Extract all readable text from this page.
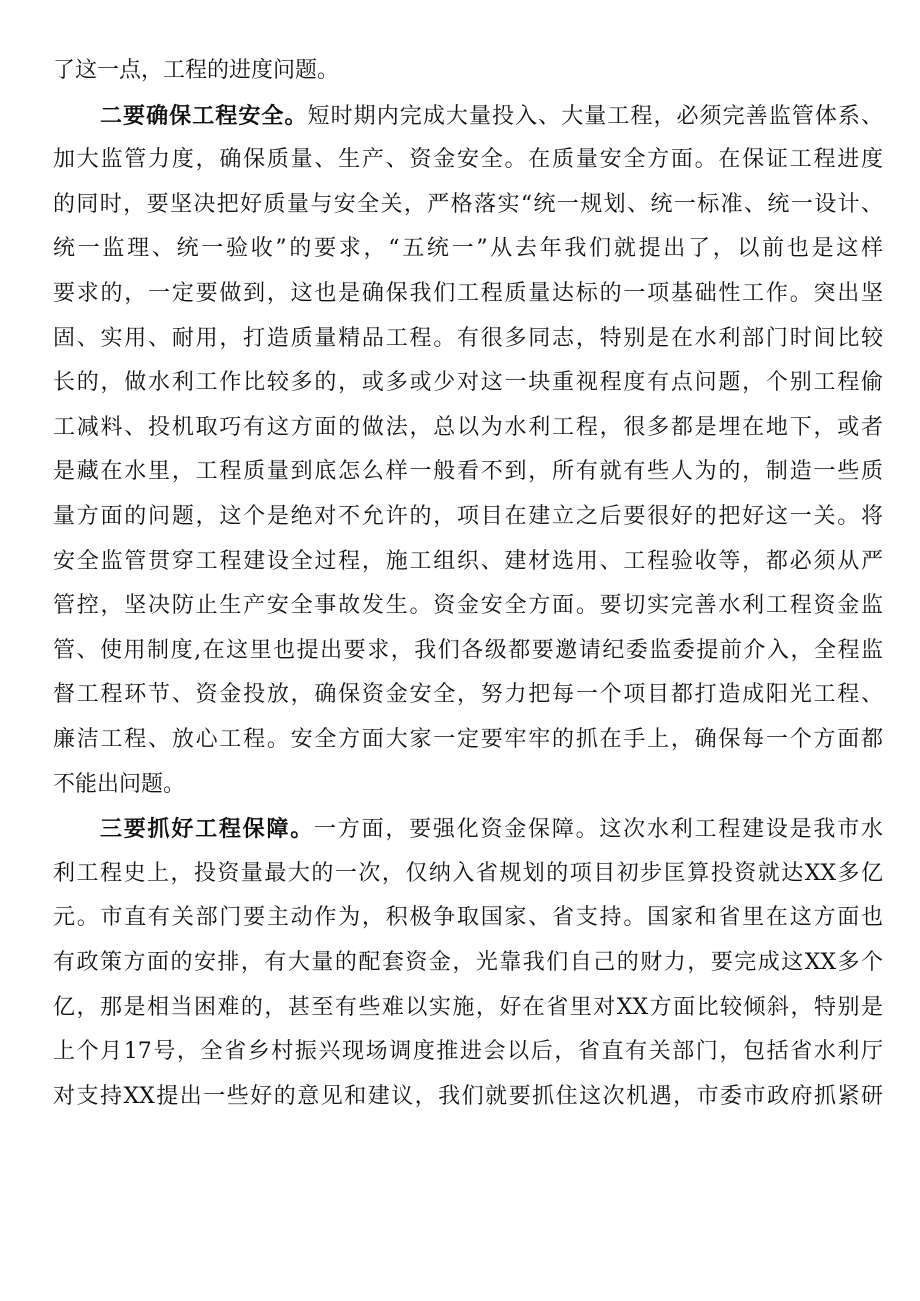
了这一点，工程的进度问题。
二要确保工程安全。短时期内完成大量投入、大量工程，必须完善监管体系、
加大监管力度，确保质量、生产、资金安全。在质量安全方面。在保证工程进度
的同时，要坚决把好质量与安全关，严格落实“统一规划、统一标准、统一设计、
统一监理、统一验收”的要求，“五统一”从去年我们就提出了，以前也是这样
要求的，一定要做到，这也是确保我们工程质量达标的一项基础性工作。突出坚
固、实用、耐用，打造质量精品工程。有很多同志，特别是在水利部门时间比较
长的，做水利工作比较多的，或多或少对这一块重视程度有点问题，个别工程偷
工减料、投机取巧有这方面的做法，总以为水利工程，很多都是埋在地下，或者
是藏在水里，工程质量到底怎么样一般看不到，所有就有些人为的，制造一些质
量方面的问题，这个是绝对不允许的，项目在建立之后要很好的把好这一关。将
安全监管贯穿工程建设全过程，施工组织、建材选用、工程验收等，都必须从严
管控，坚决防止生产安全事故发生。资金安全方面。要切实完善水利工程资金监
管、使用制度,在这里也提出要求，我们各级都要邀请纪委监委提前介入，全程监
督工程环节、资金投放，确保资金安全，努力把每一个项目都打造成阳光工程、
廉洁工程、放心工程。安全方面大家一定要牢牢的抓在手上，确保每一个方面都
不能出问题。
三要抓好工程保障。一方面，要强化资金保障。这次水利工程建设是我市水
利工程史上，投资量最大的一次，仅纳入省规划的项目初步匡算投资就达XX多亿
元。市直有关部门要主动作为，积极争取国家、省支持。国家和省里在这方面也
有政策方面的安排，有大量的配套资金，光靠我们自己的财力，要完成这XX多个
亿，那是相当困难的，甚至有些难以实施，好在省里对XX方面比较倾斜，特别是
上个月17号，全省乡村振兴现场调度推进会以后，省直有关部门，包括省水利厅
对支持XX提出一些好的意见和建议，我们就要抓住这次机遇，市委市政府抓紧研
